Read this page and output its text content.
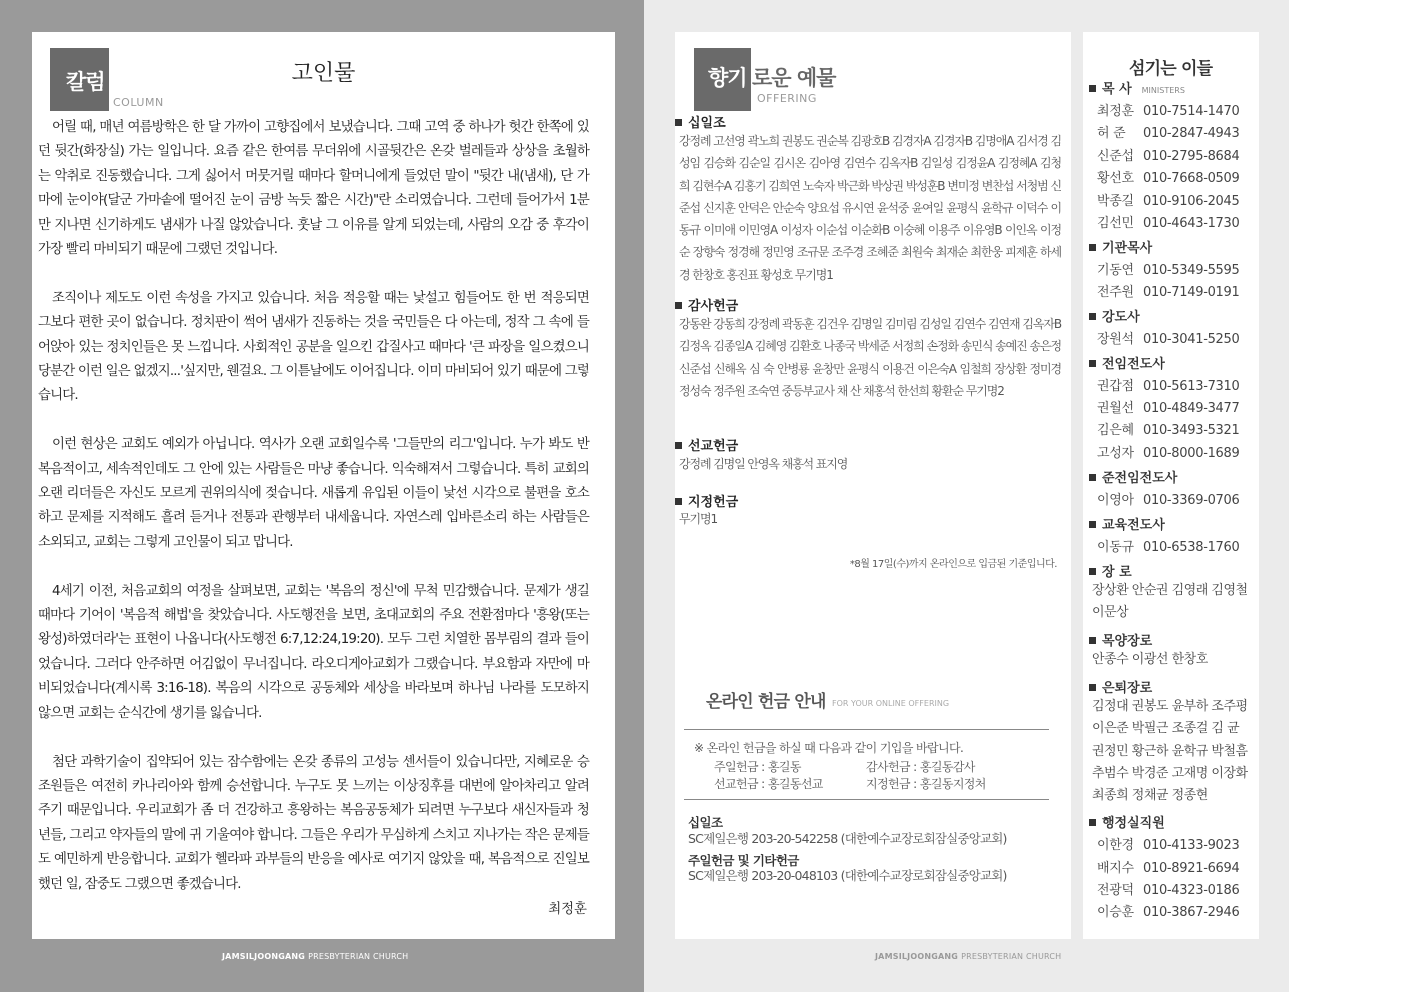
칼럼
COLUMN
고인물

어릴 때, 매년 여름방학은 한 달 가까이 고향집에서 보냈습니다. 그때 고역 중 하나가 헛간 한쪽에 있던 뒷간(화장실) 가는 일입니다. 요즘 같은 한여름 무더위에 시골뒷간은 온갖 벌레들과 상상을 초월하는 악취로 진동했습니다. 그게 싫어서 머뭇거릴 때마다 할머니에게 들었던 말이 "뒷간 내(냄새), 단 가마에 눈이야(달군 가마솥에 떨어진 눈이 금방 녹듯 짧은 시간)"란 소리였습니다. 그런데 들어가서 1분만 지나면 신기하게도 냄새가 나질 않았습니다. 훗날 그 이유를 알게 되었는데, 사람의 오감 중 후각이 가장 빨리 마비되기 때문에 그랬던 것입니다.

조직이나 제도도 이런 속성을 가지고 있습니다. 처음 적응할 때는 낯설고 힘들어도 한 번 적응되면 그보다 편한 곳이 없습니다. 정치판이 썩어 냄새가 진동하는 것을 국민들은 다 아는데, 정작 그 속에 들어앉아 있는 정치인들은 못 느낍니다. 사회적인 공분을 일으킨 갑질사고 때마다 '큰 파장을 일으켰으니 당분간 이런 일은 없겠지...'싶지만, 웬걸요. 그 이튿날에도 이어집니다. 이미 마비되어 있기 때문에 그렇습니다.

이런 현상은 교회도 예외가 아닙니다. 역사가 오랜 교회일수록 '그들만의 리그'입니다. 누가 봐도 반 복음적이고, 세속적인데도 그 안에 있는 사람들은 마냥 좋습니다. 익숙해져서 그렇습니다. 특히 교회의 오랜 리더들은 자신도 모르게 권위의식에 젖습니다. 새롭게 유입된 이들이 낯선 시각으로 불편을 호소하고 문제를 지적해도 흘려 듣거나 전통과 관행부터 내세웁니다. 자연스레 입바른소리 하는 사람들은 소외되고, 교회는 그렇게 고인물이 되고 맙니다.

4세기 이전, 처음교회의 여정을 살펴보면, 교회는 '복음의 정신'에 무척 민감했습니다. 문제가 생길 때마다 기어이 '복음적 해법'을 찾았습니다. 사도행전을 보면, 초대교회의 주요 전환점마다 '흥왕(또는 왕성)하였더라'는 표현이 나옵니다(사도행전 6:7,12:24,19:20). 모두 그런 치열한 몸부림의 결과 들이었습니다. 그러다 안주하면 어김없이 무너집니다. 라오디게아교회가 그랬습니다. 부요함과 자만에 마비되었습니다(계시록 3:16-18). 복음의 시각으로 공동체와 세상을 바라보며 하나님 나라를 도모하지 않으면 교회는 순식간에 생기를 잃습니다.

첨단 과학기술이 집약되어 있는 잠수함에는 온갖 종류의 고성능 센서들이 있습니다만, 지혜로운 승조원들은 여전히 카나리아와 함께 승선합니다. 누구도 못 느끼는 이상징후를 대번에 알아차리고 알려주기 때문입니다. 우리교회가 좀 더 건강하고 흥왕하는 복음공동체가 되려면 누구보다 새신자들과 청년들, 그리고 약자들의 말에 귀 기울여야 합니다. 그들은 우리가 무심하게 스치고 지나가는 작은 문제들도 예민하게 반응합니다. 교회가 헬라파 과부들의 반응을 예사로 여기지 않았을 때, 복음적으로 진일보했던 일, 잠중도 그랬으면 좋겠습니다.

최정훈
JAMSILJOONGANG PRESBYTERIAN CHURCH
향기 로운 예물
OFFERING
십일조
강정례 고선영 곽노희 권봉도 권순복 김광호B 김경자A 김경자B 김명애A 김서경 김성임 김승화 김순일 김시온 김아영 김연수 김옥자B 김일성 김정윤A 김정혜A 김청희 김현수A 김홍기 김희연 노숙자 박근화 박상권 박성훈B 변미정 변찬섭 서청범 신준섭 신지훈 안덕은 안순숙 양요섭 유시연 윤석중 윤여일 윤평식 윤학규 이덕수 이동규 이미애 이민영A 이성자 이순섭 이순화B 이숭혜 이용주 이유영B 이인옥 이정순 장향숙 정경해 정민영 조규문 조주경 조혜준 최원숙 최재순 최한웅 피제훈 하세경 한창호 홍진표 황성호 무기명1
감사헌금
강동완 강동희 강정례 곽동훈 김건우 김명일 김미림 김성일 김연수 김연재 김옥자B 김정옥 김종일A 김혜영 김환호 나종국 박세준 서정희 손정화 송민식 송예진 송은정 신준섭 신해옥 심 숙 안병룡 윤창만 윤평식 이용건 이은숙A 임철희 장상환 정미경 정성숙 정주원 조숙연 중등부교사 채 산 채홍석 한선희 황환순 무기명2
선교헌금
강정례 김명일 안영옥 채홍석 표지영
지정헌금
무기명1
*8월 17일(수)까지 온라인으로 입금된 기준입니다.
온라인 헌금 안내 FOR YOUR ONLINE OFFERING
※ 온라인 헌금을 하실 때 다음과 같이 기입을 바랍니다.
주일헌금 : 홍길동	감사헌금 : 홍길동감사
선교헌금 : 홍길동선교	지정헌금 : 홍길동지정처
십일조
SC제일은행 203-20-542258 (대한예수교장로회잠실중앙교회)
주일헌금 및 기타헌금
SC제일은행 203-20-048103 (대한예수교장로회잠실중앙교회)
섬기는 이들
목 사 MINISTERS
최정훈 010-7514-1470
허 준 010-2847-4943
신준섭 010-2795-8684
황선호 010-7668-0509
박종길 010-9106-2045
김선민 010-4643-1730
기관목사
기동연 010-5349-5595
전주원 010-7149-0191
강도사
장원석 010-3041-5250
전임전도사
권갑점 010-5613-7310
권월선 010-4849-3477
김은혜 010-3493-5321
고성자 010-8000-1689
준전임전도사
이영아 010-3369-0706
교육전도사
이동규 010-6538-1760
장 로
장상환 안순권 김영래 김영철 이문상
목양장로
안종수 이광선 한창호
은퇴장로
김정대 권봉도 윤부하 조주평 이은준 박필근 조종걸 김 균 권정민 황근하 윤학규 박철흠 추범수 박경준 고재명 이장화 최종희 정채균 정종현
행정실직원
이한경 010-4133-9023
배지수 010-8921-6694
전광덕 010-4323-0186
이승훈 010-3867-2946
JAMSILJOONGANG PRESBYTERIAN CHURCH
